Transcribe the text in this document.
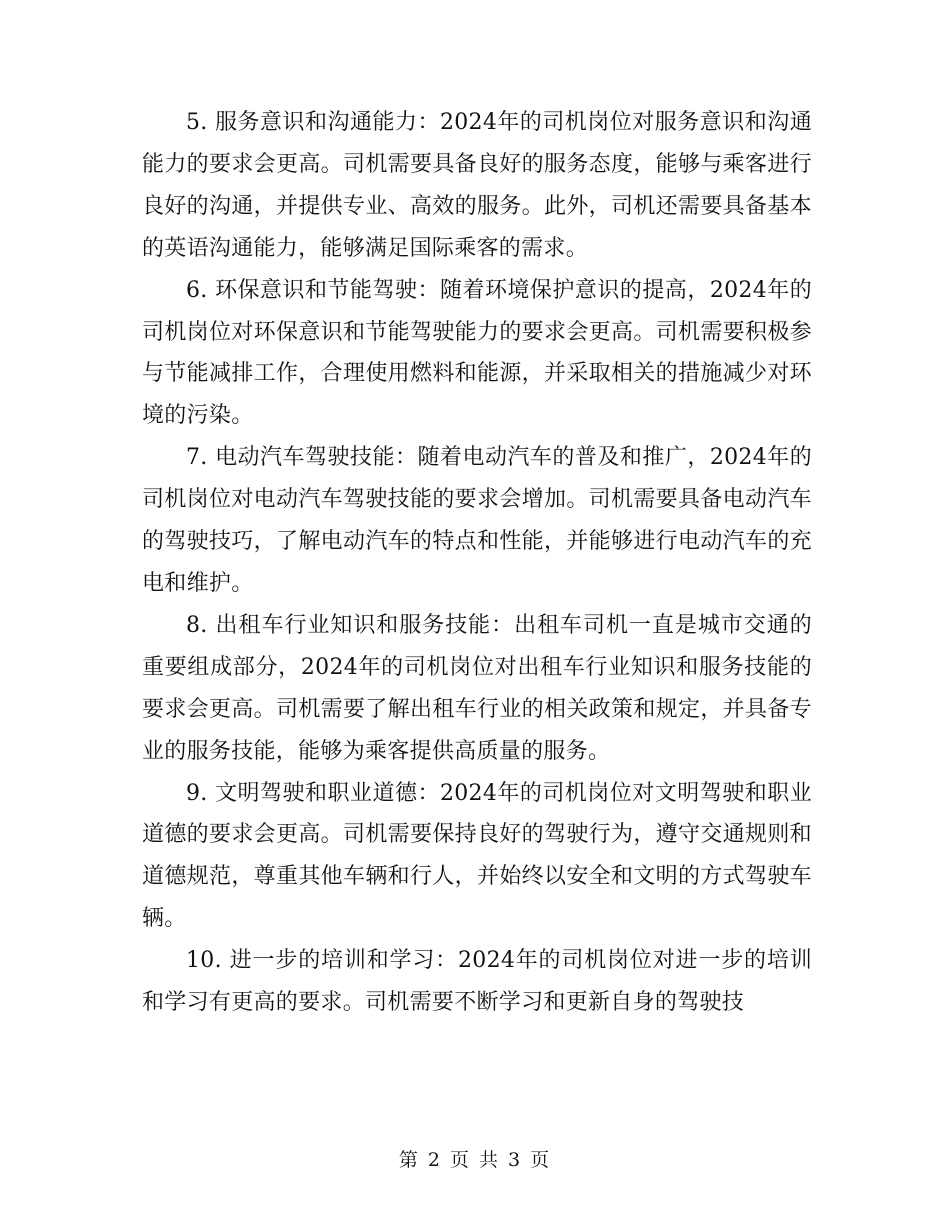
5. 服务意识和沟通能力：2024年的司机岗位对服务意识和沟通能力的要求会更高。司机需要具备良好的服务态度，能够与乘客进行良好的沟通，并提供专业、高效的服务。此外，司机还需要具备基本的英语沟通能力，能够满足国际乘客的需求。

6. 环保意识和节能驾驶：随着环境保护意识的提高，2024年的司机岗位对环保意识和节能驾驶能力的要求会更高。司机需要积极参与节能减排工作，合理使用燃料和能源，并采取相关的措施减少对环境的污染。

7. 电动汽车驾驶技能：随着电动汽车的普及和推广，2024年的司机岗位对电动汽车驾驶技能的要求会增加。司机需要具备电动汽车的驾驶技巧，了解电动汽车的特点和性能，并能够进行电动汽车的充电和维护。

8. 出租车行业知识和服务技能：出租车司机一直是城市交通的重要组成部分，2024年的司机岗位对出租车行业知识和服务技能的要求会更高。司机需要了解出租车行业的相关政策和规定，并具备专业的服务技能，能够为乘客提供高质量的服务。

9. 文明驾驶和职业道德：2024年的司机岗位对文明驾驶和职业道德的要求会更高。司机需要保持良好的驾驶行为，遵守交通规则和道德规范，尊重其他车辆和行人，并始终以安全和文明的方式驾驶车辆。

10. 进一步的培训和学习：2024年的司机岗位对进一步的培训和学习有更高的要求。司机需要不断学习和更新自身的驾驶技

第 2 页 共 3 页
